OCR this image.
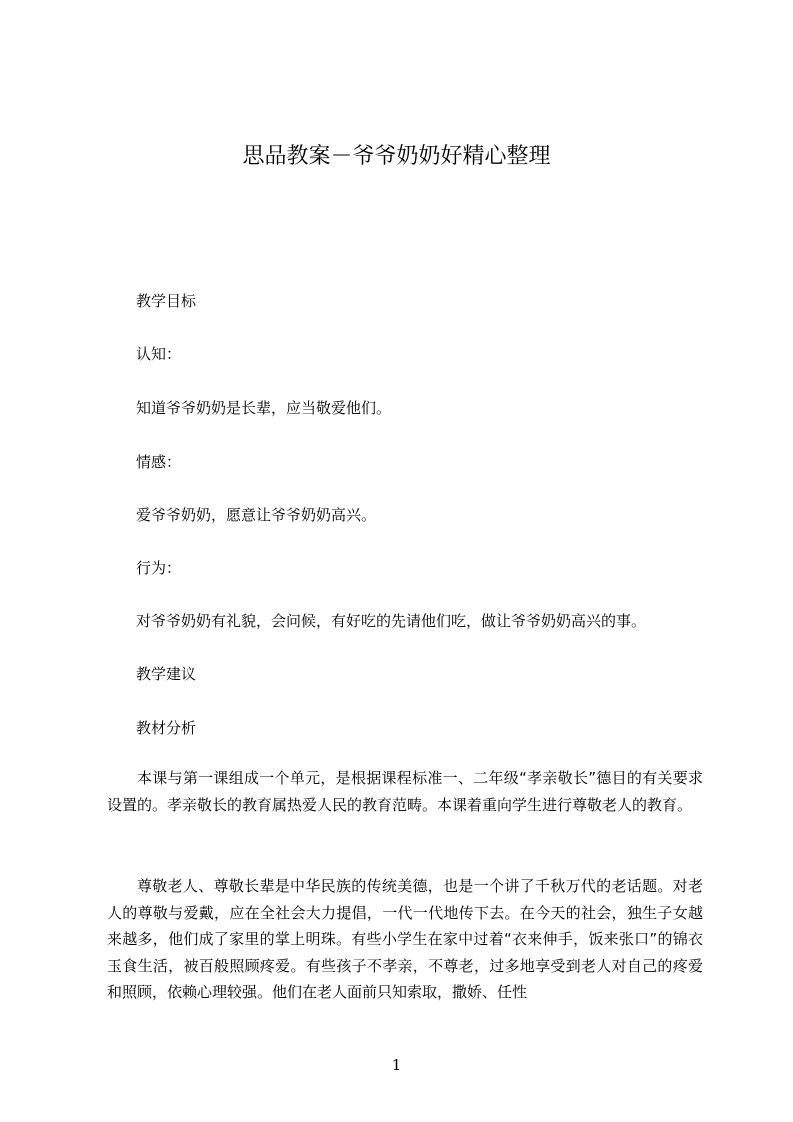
思品教案－爷爷奶奶好精心整理
教学目标
认知：
知道爷爷奶奶是长辈，应当敬爱他们。
情感：
爱爷爷奶奶，愿意让爷爷奶奶高兴。
行为：
对爷爷奶奶有礼貌，会问候，有好吃的先请他们吃，做让爷爷奶奶高兴的事。
教学建议
教材分析
本课与第一课组成一个单元，是根据课程标准一、二年级“孝亲敬长”德目的有关要求设置的。孝亲敬长的教育属热爱人民的教育范畴。本课着重向学生进行尊敬老人的教育。
尊敬老人、尊敬长辈是中华民族的传统美德，也是一个讲了千秋万代的老话题。对老人的尊敬与爱戴，应在全社会大力提倡，一代一代地传下去。在今天的社会，独生子女越来越多，他们成了家里的掌上明珠。有些小学生在家中过着“衣来伸手，饭来张口”的锦衣玉食生活，被百般照顾疼爱。有些孩子不孝亲，不尊老，过多地享受到老人对自己的疼爱和照顾，依赖心理较强。他们在老人面前只知索取，撒娇、任性
1
